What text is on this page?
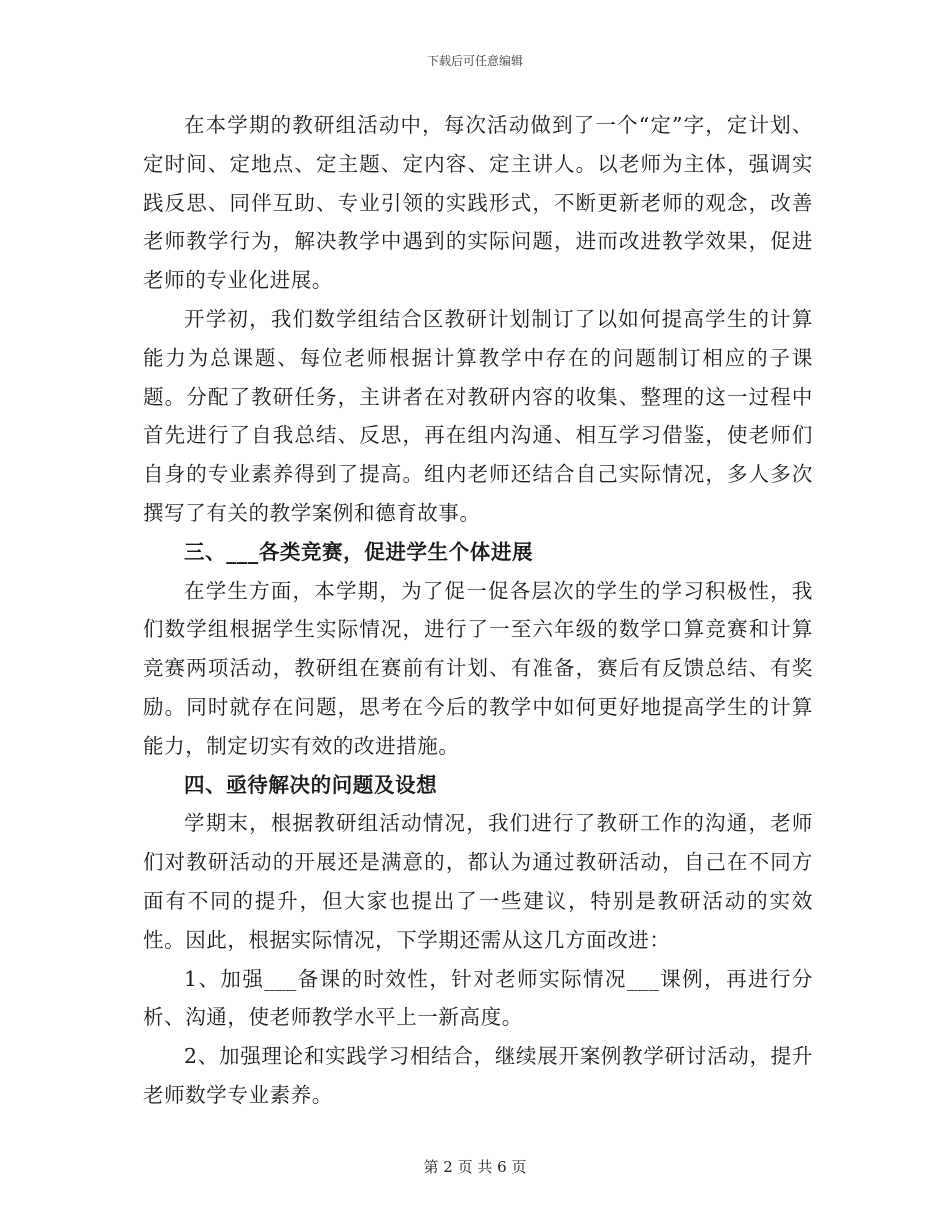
下载后可任意编辑

在本学期的教研组活动中，每次活动做到了一个“定”字，定计划、定时间、定地点、定主题、定内容、定主讲人。以老师为主体，强调实践反思、同伴互助、专业引领的实践形式，不断更新老师的观念，改善老师教学行为，解决教学中遇到的实际问题，进而改进教学效果，促进老师的专业化进展。

开学初，我们数学组结合区教研计划制订了以如何提高学生的计算能力为总课题、每位老师根据计算教学中存在的问题制订相应的子课题。分配了教研任务，主讲者在对教研内容的收集、整理的这一过程中首先进行了自我总结、反思，再在组内沟通、相互学习借鉴，使老师们自身的专业素养得到了提高。组内老师还结合自己实际情况，多人多次撰写了有关的教学案例和德育故事。

三、___各类竞赛，促进学生个体进展

在学生方面，本学期，为了促一促各层次的学生的学习积极性，我们数学组根据学生实际情况，进行了一至六年级的数学口算竞赛和计算竞赛两项活动，教研组在赛前有计划、有准备，赛后有反馈总结、有奖励。同时就存在问题，思考在今后的教学中如何更好地提高学生的计算能力，制定切实有效的改进措施。

四、亟待解决的问题及设想

学期末，根据教研组活动情况，我们进行了教研工作的沟通，老师们对教研活动的开展还是满意的，都认为通过教研活动，自己在不同方面有不同的提升，但大家也提出了一些建议，特别是教研活动的实效性。因此，根据实际情况，下学期还需从这几方面改进：

1、加强___备课的时效性，针对老师实际情况___课例，再进行分析、沟通，使老师教学水平上一新高度。

2、加强理论和实践学习相结合，继续展开案例教学研讨活动，提升老师数学专业素养。

第 2 页 共 6 页
